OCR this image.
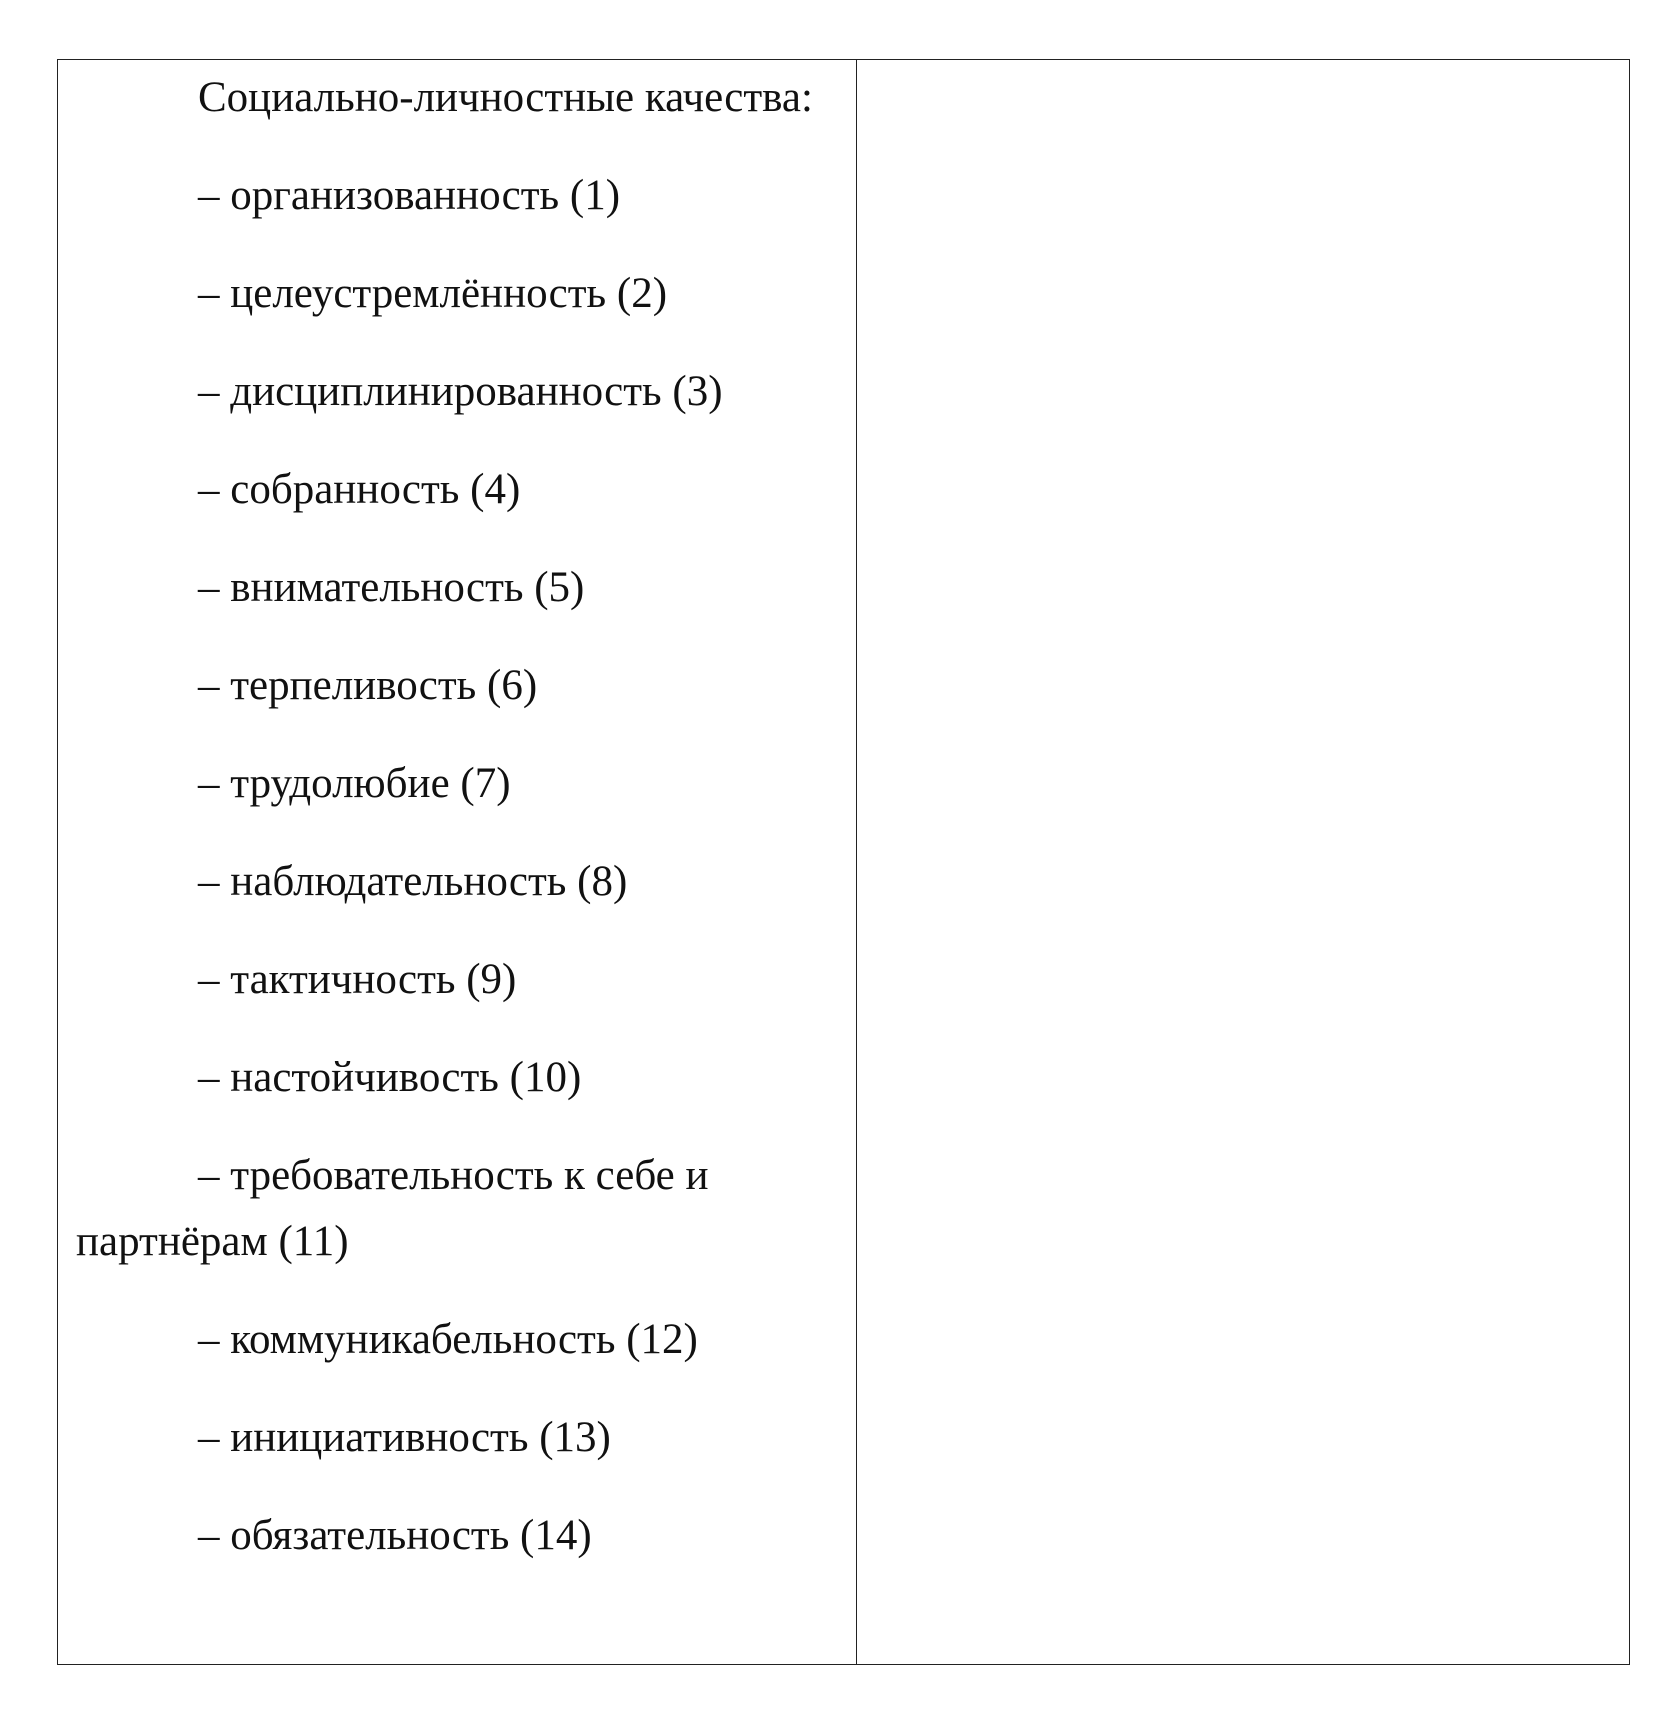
Социально-личностные качества:

– организованность (1)

– целеустремлённость (2)

– дисциплинированность (3)

– собранность (4)

– внимательность (5)

– терпеливость (6)

– трудолюбие (7)

– наблюдательность (8)

– тактичность (9)

– настойчивость (10)

– требовательность к себе и партнёрам (11)

– коммуникабельность (12)

– инициативность (13)

– обязательность (14)
